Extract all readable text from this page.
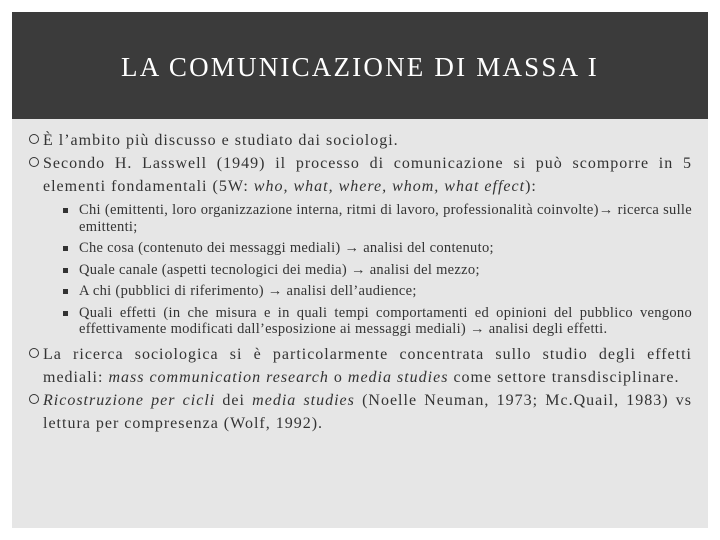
LA COMUNICAZIONE DI MASSA I
È l’ambito più discusso e studiato dai sociologi.
Secondo H. Lasswell (1949) il processo di comunicazione si può scomporre in 5 elementi fondamentali (5W: who, what, where, whom, what effect):
Chi (emittenti, loro organizzazione interna, ritmi di lavoro, professionalità coinvolte)→ ricerca sulle emittenti;
Che cosa (contenuto dei messaggi mediali) → analisi del contenuto;
Quale canale (aspetti tecnologici dei media) → analisi del mezzo;
A chi (pubblici di riferimento) → analisi dell’audience;
Quali effetti (in che misura e in quali tempi comportamenti ed opinioni del pubblico vengono effettivamente modificati dall’esposizione ai messaggi mediali) → analisi degli effetti.
La ricerca sociologica si è particolarmente concentrata sullo studio degli effetti mediali: mass communication research o media studies come settore transdisciplinare.
Ricostruzione per cicli dei media studies (Noelle Neuman, 1973; Mc.Quail, 1983) vs lettura per compresenza (Wolf, 1992).
